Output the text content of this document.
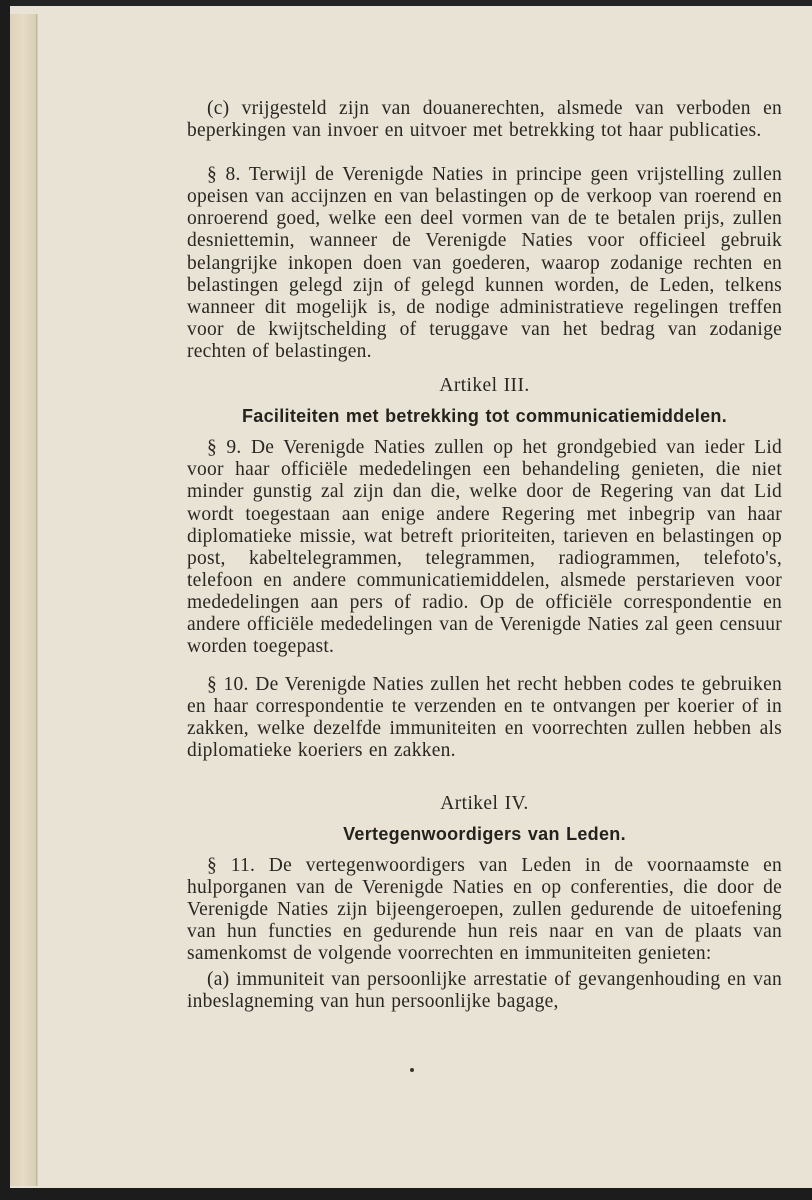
(c) vrijgesteld zijn van douanerechten, alsmede van verboden en beperkingen van invoer en uitvoer met betrekking tot haar publicaties.

§ 8. Terwijl de Verenigde Naties in principe geen vrijstelling zullen opeisen van accijnzen en van belastingen op de verkoop van roerend en onroerend goed, welke een deel vormen van de te betalen prijs, zullen desniettemin, wanneer de Verenigde Naties voor officieel gebruik belangrijke inkopen doen van goederen, waarop zodanige rechten en belastingen gelegd zijn of gelegd kunnen worden, de Leden, telkens wanneer dit mogelijk is, de nodige administratieve regelingen treffen voor de kwijtschelding of teruggave van het bedrag van zodanige rechten of belastingen.

Artikel III.

Faciliteiten met betrekking tot communicatiemiddelen.

§ 9. De Verenigde Naties zullen op het grondgebied van ieder Lid voor haar officiële mededelingen een behandeling genieten, die niet minder gunstig zal zijn dan die, welke door de Regering van dat Lid wordt toegestaan aan enige andere Regering met inbegrip van haar diplomatieke missie, wat betreft prioriteiten, tarieven en belastingen op post, kabeltelegrammen, telegrammen, radiogrammen, telefoto's, telefoon en andere communicatiemiddelen, alsmede perstarieven voor mededelingen aan pers of radio. Op de officiële correspondentie en andere officiële mededelingen van de Verenigde Naties zal geen censuur worden toegepast.

§ 10. De Verenigde Naties zullen het recht hebben codes te gebruiken en haar correspondentie te verzenden en te ontvangen per koerier of in zakken, welke dezelfde immuniteiten en voorrechten zullen hebben als diplomatieke koeriers en zakken.

Artikel IV.

Vertegenwoordigers van Leden.

§ 11. De vertegenwoordigers van Leden in de voornaamste en hulporganen van de Verenigde Naties en op conferenties, die door de Verenigde Naties zijn bijeengeroepen, zullen gedurende de uitoefening van hun functies en gedurende hun reis naar en van de plaats van samenkomst de volgende voorrechten en immuniteiten genieten:

(a) immuniteit van persoonlijke arrestatie of gevangenhouding en van inbeslagneming van hun persoonlijke bagage,
